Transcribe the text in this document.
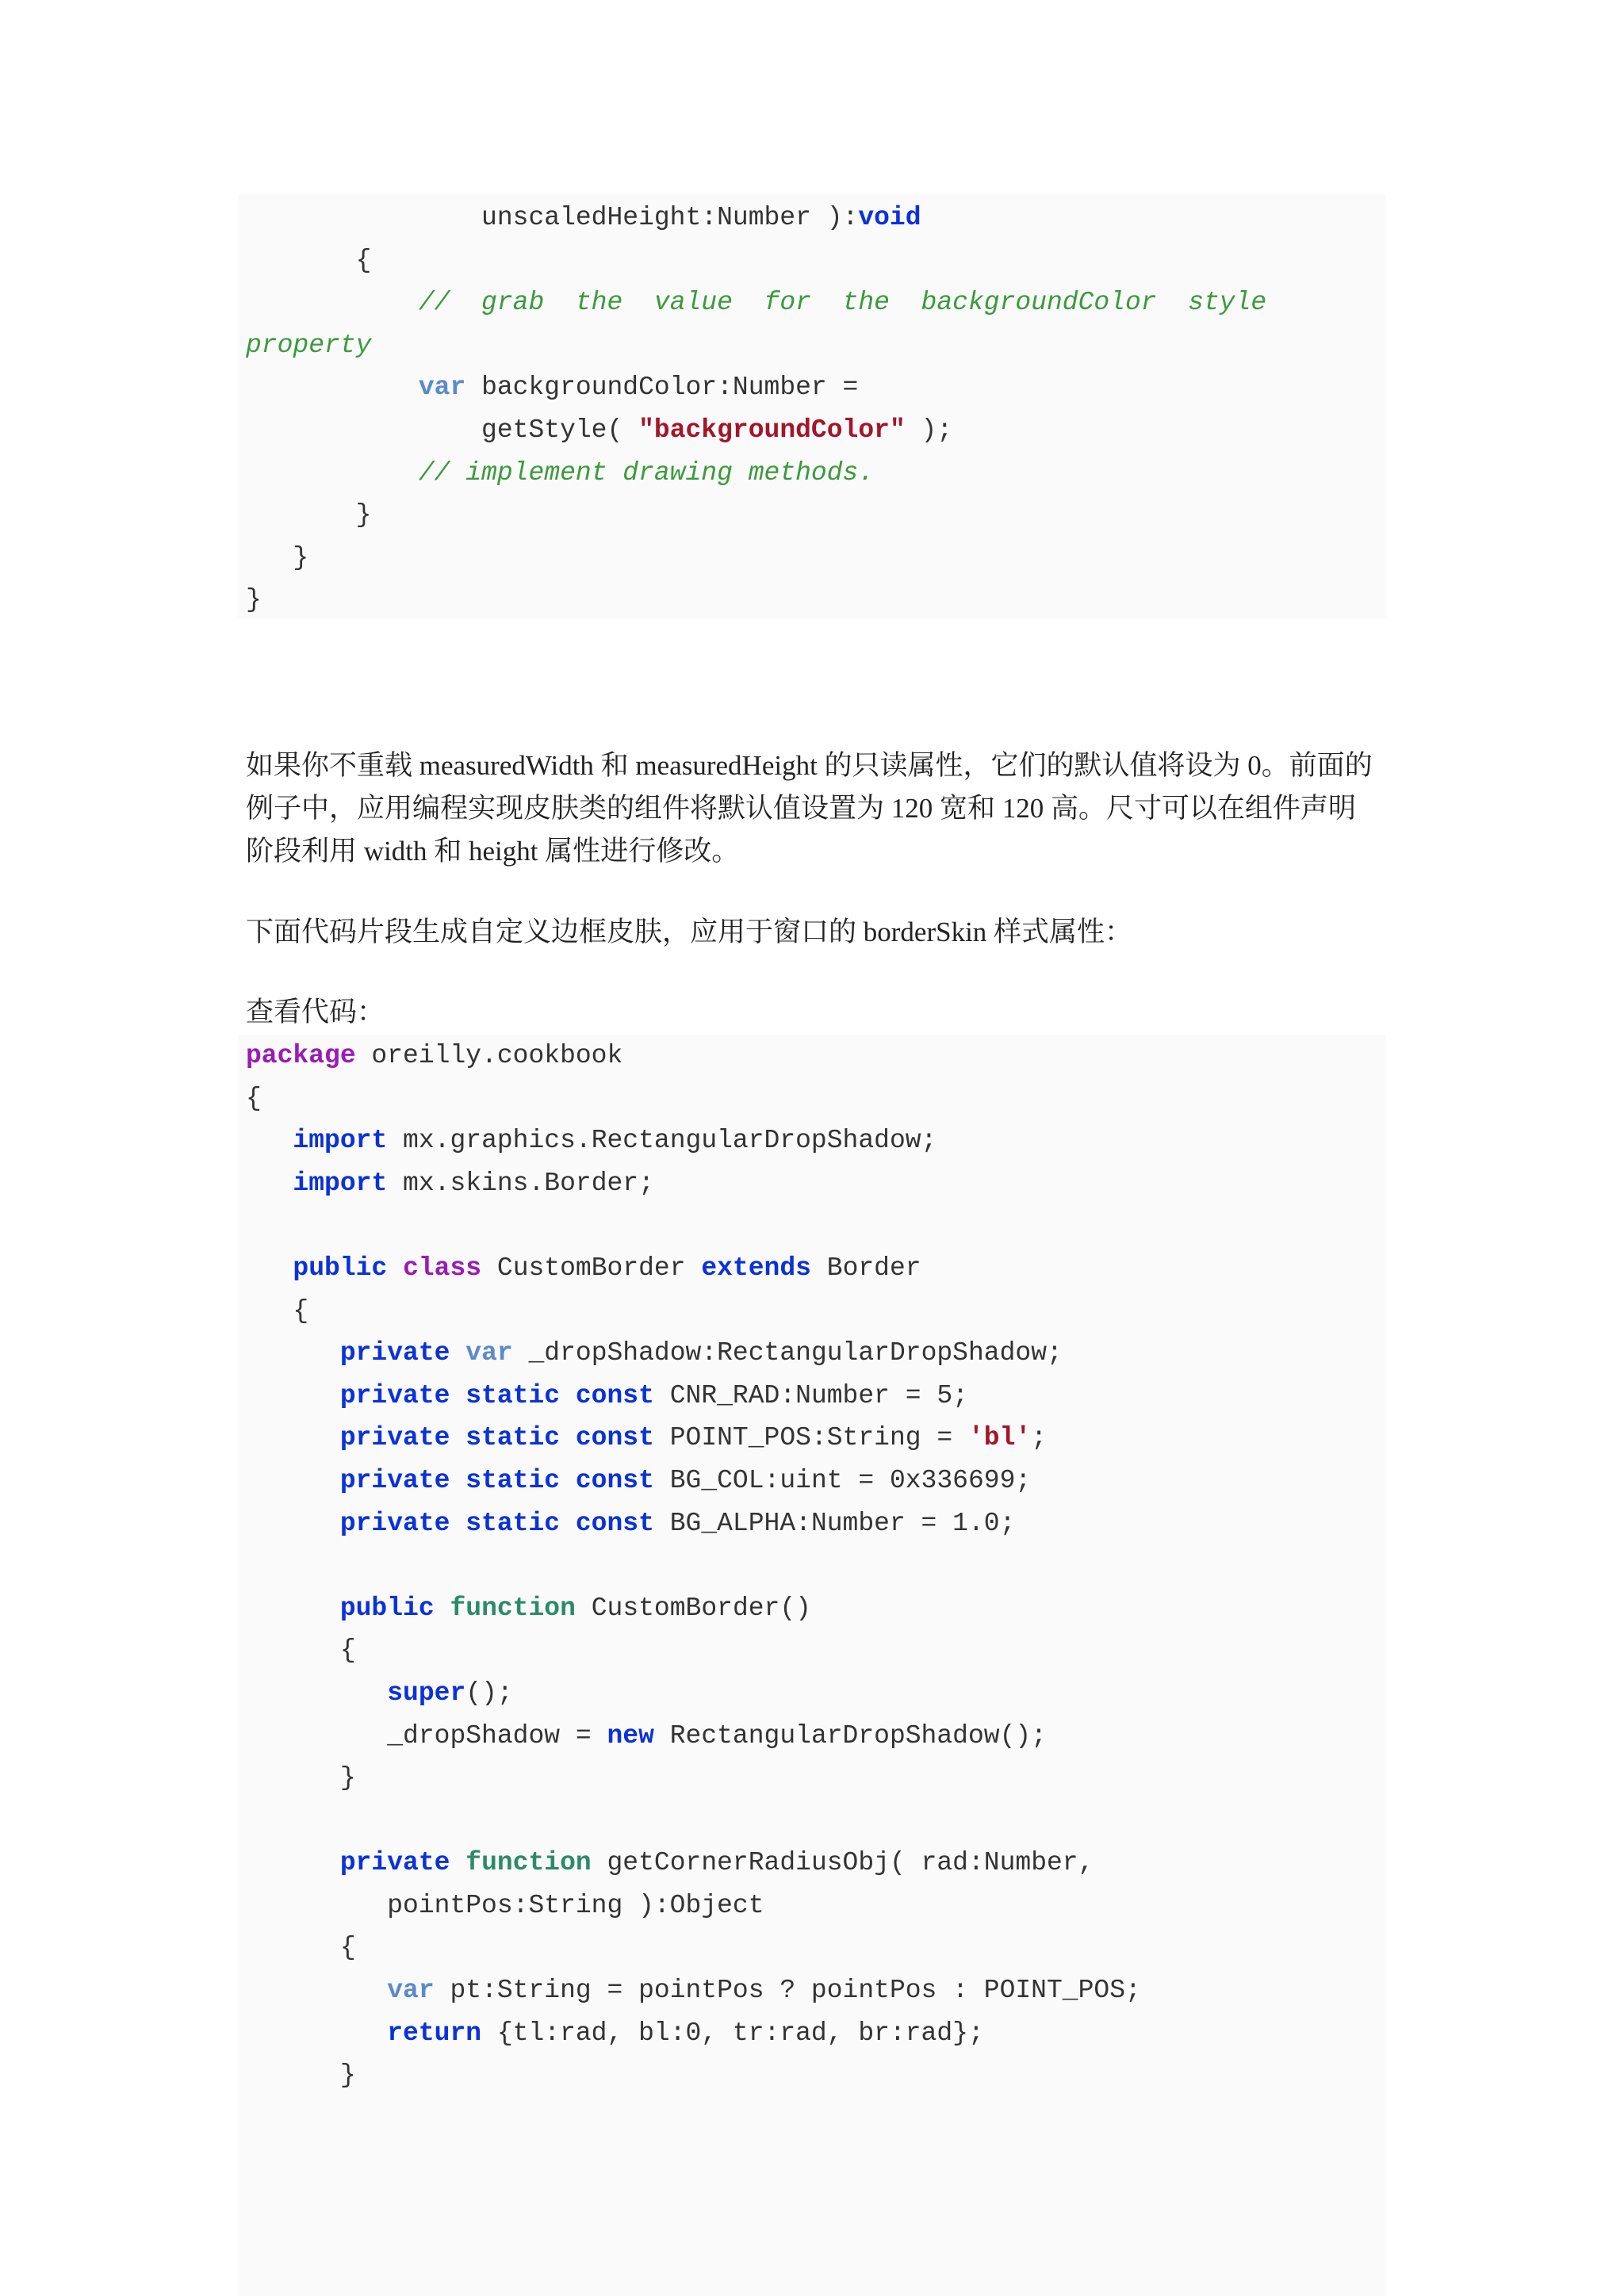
unscaledHeight:Number ):void
{
//  grab  the  value  for  the  backgroundColor  style
property
var backgroundColor:Number =
getStyle( "backgroundColor" );
// implement drawing methods.
}
}
}

如果你不重载 measuredWidth 和 measuredHeight 的只读属性，它们的默认值将设为 0。前面的例子中，应用编程实现皮肤类的组件将默认值设置为 120 宽和 120 高。尺寸可以在组件声明阶段利用 width 和 height 属性进行修改。

下面代码片段生成自定义边框皮肤，应用于窗口的 borderSkin 样式属性：

查看代码：

package oreilly.cookbook
{
import mx.graphics.RectangularDropShadow;
import mx.skins.Border;
public class CustomBorder extends Border
{
private var _dropShadow:RectangularDropShadow;
private static const CNR_RAD:Number = 5;
private static const POINT_POS:String = 'bl';
private static const BG_COL:uint = 0x336699;
private static const BG_ALPHA:Number = 1.0;
public function CustomBorder()
{
super();
_dropShadow = new RectangularDropShadow();
}
private function getCornerRadiusObj( rad:Number,
pointPos:String ):Object
{
var pt:String = pointPos ? pointPos : POINT_POS;
return {tl:rad, bl:0, tr:rad, br:rad};
}
